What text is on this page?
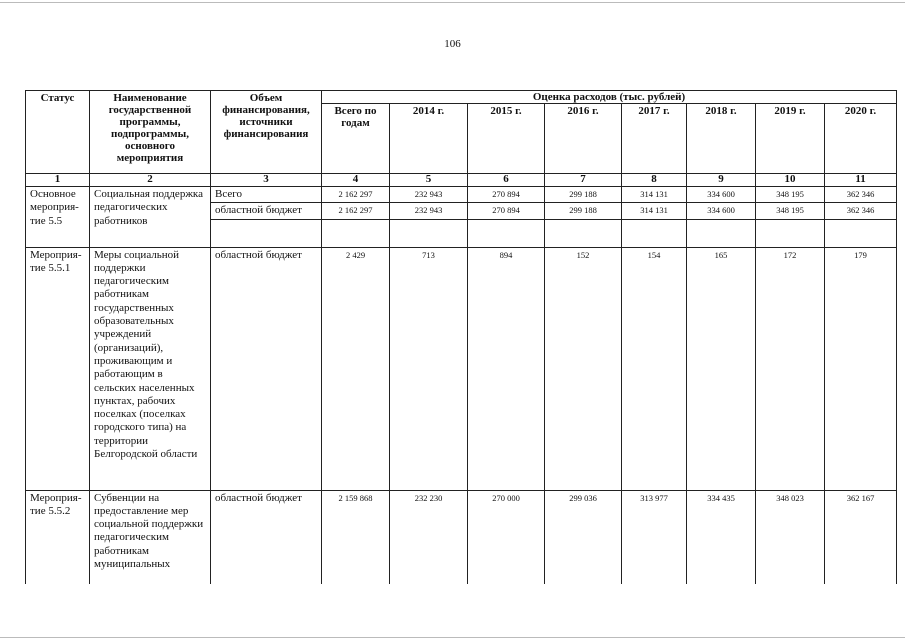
106
Статус	Наименование государственной программы, подпрограммы, основного мероприятия	Объем финансирования, источники финансирования	Оценка расходов (тыс. рублей)							
			Всего по годам	2014 г.	2015 г.	2016 г.	2017 г.	2018 г.	2019 г.	2020 г.
1	2	3	4	5	6	7	8	9	10	11
Основное мероприя-тие 5.5	Социальная поддержка педагогических работников	Всего	2 162 297	232 943	270 894	299 188	314 131	334 600	348 195	362 346
		областной бюджет	2 162 297	232 943	270 894	299 188	314 131	334 600	348 195	362 346

Мероприя-тие 5.5.1	Меры социальной поддержки педагогическим работникам государственных образовательных учреждений (организаций), проживающим и работающим в сельских населенных пунктах, рабочих поселках (поселках городского типа) на территории Белгородской области	областной бюджет	2 429	713	894	152	154	165	172	179
Мероприя-тие 5.5.2	Субвенции на предоставление мер социальной поддержки педагогическим работникам муниципальных	областной бюджет	2 159 868	232 230	270 000	299 036	313 977	334 435	348 023	362 167
